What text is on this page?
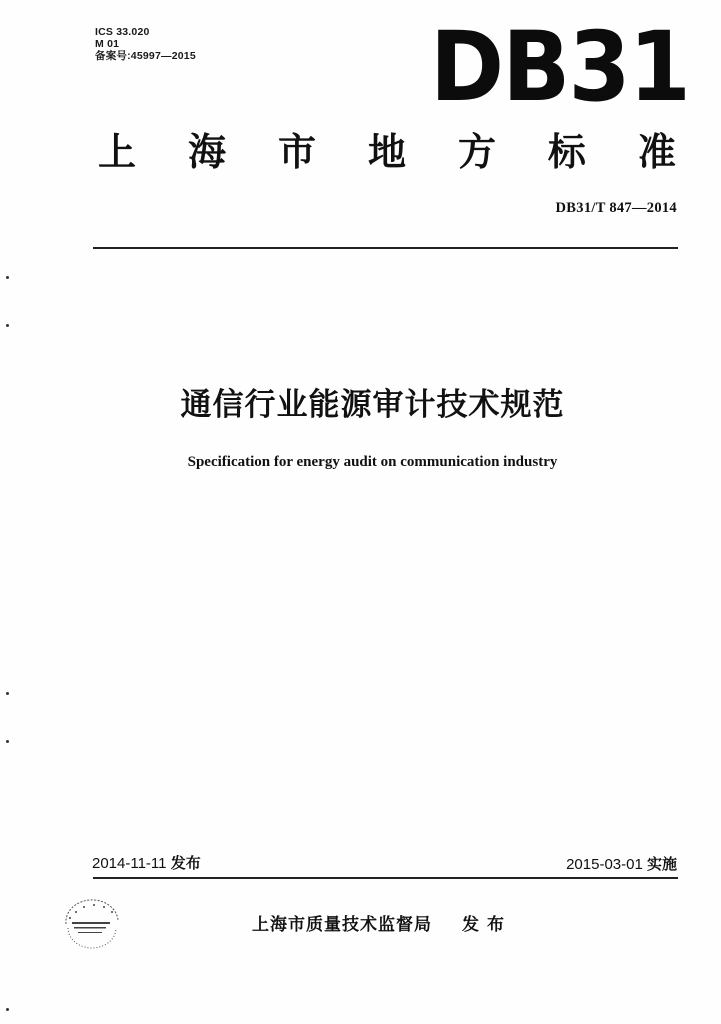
ICS 33.020
M 01
备案号:45997—2015 DB31
上 海 市 地 方 标 准
DB31/T 847—2014
通信行业能源审计技术规范
Specification for energy audit on communication industry
2014-11-11 发布	2015-03-01 实施
上海市质量技术监督局 发布
